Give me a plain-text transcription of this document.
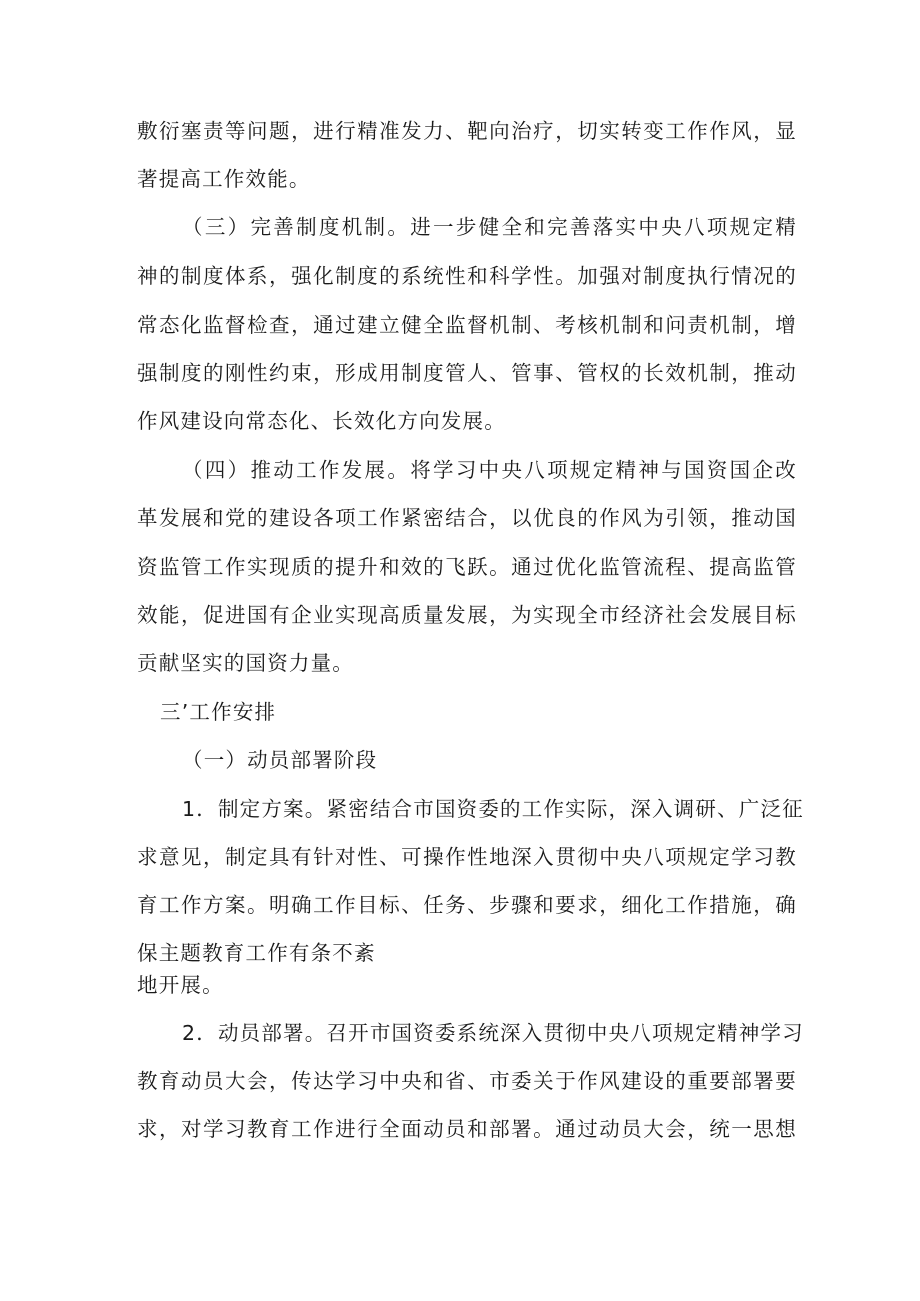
敷衍塞责等问题，进行精准发力、靶向治疗，切实转变工作作风，显
著提高工作效能。
（三）完善制度机制。进一步健全和完善落实中央八项规定精
神的制度体系，强化制度的系统性和科学性。加强对制度执行情况的
常态化监督检查，通过建立健全监督机制、考核机制和问责机制，增
强制度的刚性约束，形成用制度管人、管事、管权的长效机制，推动
作风建设向常态化、长效化方向发展。
（四）推动工作发展。将学习中央八项规定精神与国资国企改
革发展和党的建设各项工作紧密结合，以优良的作风为引领，推动国
资监管工作实现质的提升和效的飞跃。通过优化监管流程、提高监管
效能，促进国有企业实现高质量发展，为实现全市经济社会发展目标
贡献坚实的国资力量。
三’工作安排
（一）动员部署阶段
1．制定方案。紧密结合市国资委的工作实际，深入调研、广泛征
求意见，制定具有针对性、可操作性地深入贯彻中央八项规定学习教
育工作方案。明确工作目标、任务、步骤和要求，细化工作措施，确
保主题教育工作有条不紊
地开展。
2．动员部署。召开市国资委系统深入贯彻中央八项规定精神学习
教育动员大会，传达学习中央和省、市委关于作风建设的重要部署要
求，对学习教育工作进行全面动员和部署。通过动员大会，统一思想
